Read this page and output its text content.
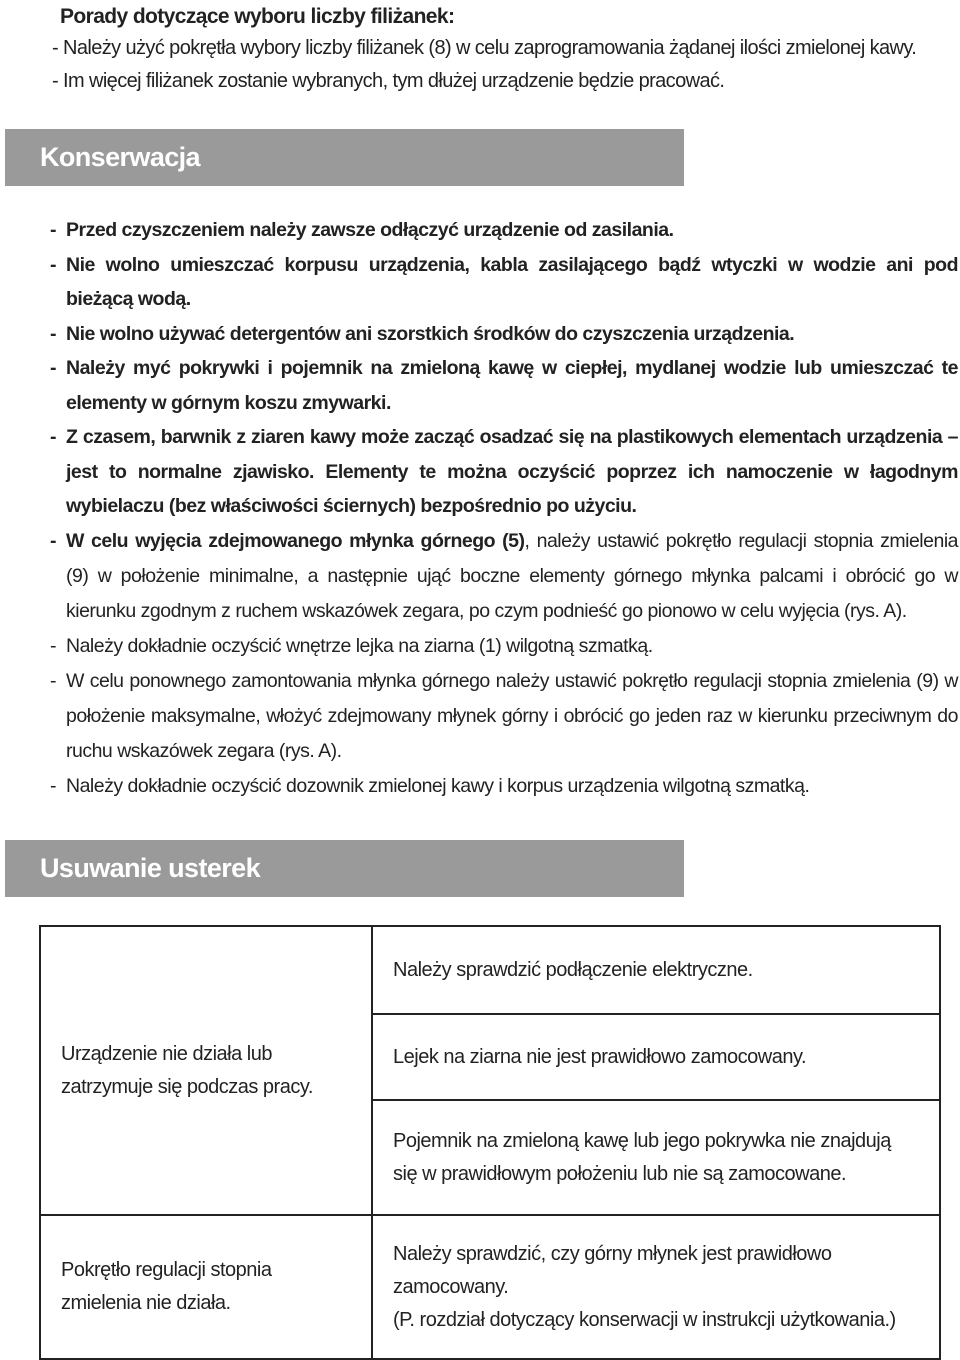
Porady dotyczące wyboru liczby filiżanek:
- Należy użyć pokrętła wybory liczby filiżanek (8) w celu zaprogramowania żądanej ilości zmielonej kawy.
- Im więcej filiżanek zostanie wybranych, tym dłużej urządzenie będzie pracować.
Konserwacja
- Przed czyszczeniem należy zawsze odłączyć urządzenie od zasilania.
- Nie wolno umieszczać korpusu urządzenia, kabla zasilającego bądź wtyczki w wodzie ani pod bieżącą wodą.
- Nie wolno używać detergentów ani szorstkich środków do czyszczenia urządzenia.
- Należy myć pokrywki i pojemnik na zmieloną kawę w ciepłej, mydlanej wodzie lub umieszczać te elementy w górnym koszu zmywarki.
- Z czasem, barwnik z ziaren kawy może zacząć osadzać się na plastikowych elementach urządzenia – jest to normalne zjawisko. Elementy te można oczyścić poprzez ich namoczenie w łagodnym wybielaczu (bez właściwości ściernych) bezpośrednio po użyciu.
- W celu wyjęcia zdejmowanego młynka górnego (5), należy ustawić pokrętło regulacji stopnia zmielenia (9) w położenie minimalne, a następnie ująć boczne elementy górnego młynka palcami i obrócić go w kierunku zgodnym z ruchem wskazówek zegara, po czym podnieść go pionowo w celu wyjęcia (rys. A).
- Należy dokładnie oczyścić wnętrze lejka na ziarna (1) wilgotną szmatką.
- W celu ponownego zamontowania młynka górnego należy ustawić pokrętło regulacji stopnia zmielenia (9) w położenie maksymalne, włożyć zdejmowany młynek górny i obrócić go jeden raz w kierunku przeciwnym do ruchu wskazówek zegara (rys. A).
- Należy dokładnie oczyścić dozownik zmielonej kawy i korpus urządzenia wilgotną szmatką.
Usuwanie usterek
Urządzenie nie działa lub zatrzymuje się podczas pracy.	Należy sprawdzić podłączenie elektryczne.
	Lejek na ziarna nie jest prawidłowo zamocowany.
	Pojemnik na zmieloną kawę lub jego pokrywka nie znajdują się w prawidłowym położeniu lub nie są zamocowane.
Pokrętło regulacji stopnia zmielenia nie działa.	Należy sprawdzić, czy górny młynek jest prawidłowo zamocowany.
(P. rozdział dotyczący konserwacji w instrukcji użytkowania.)
